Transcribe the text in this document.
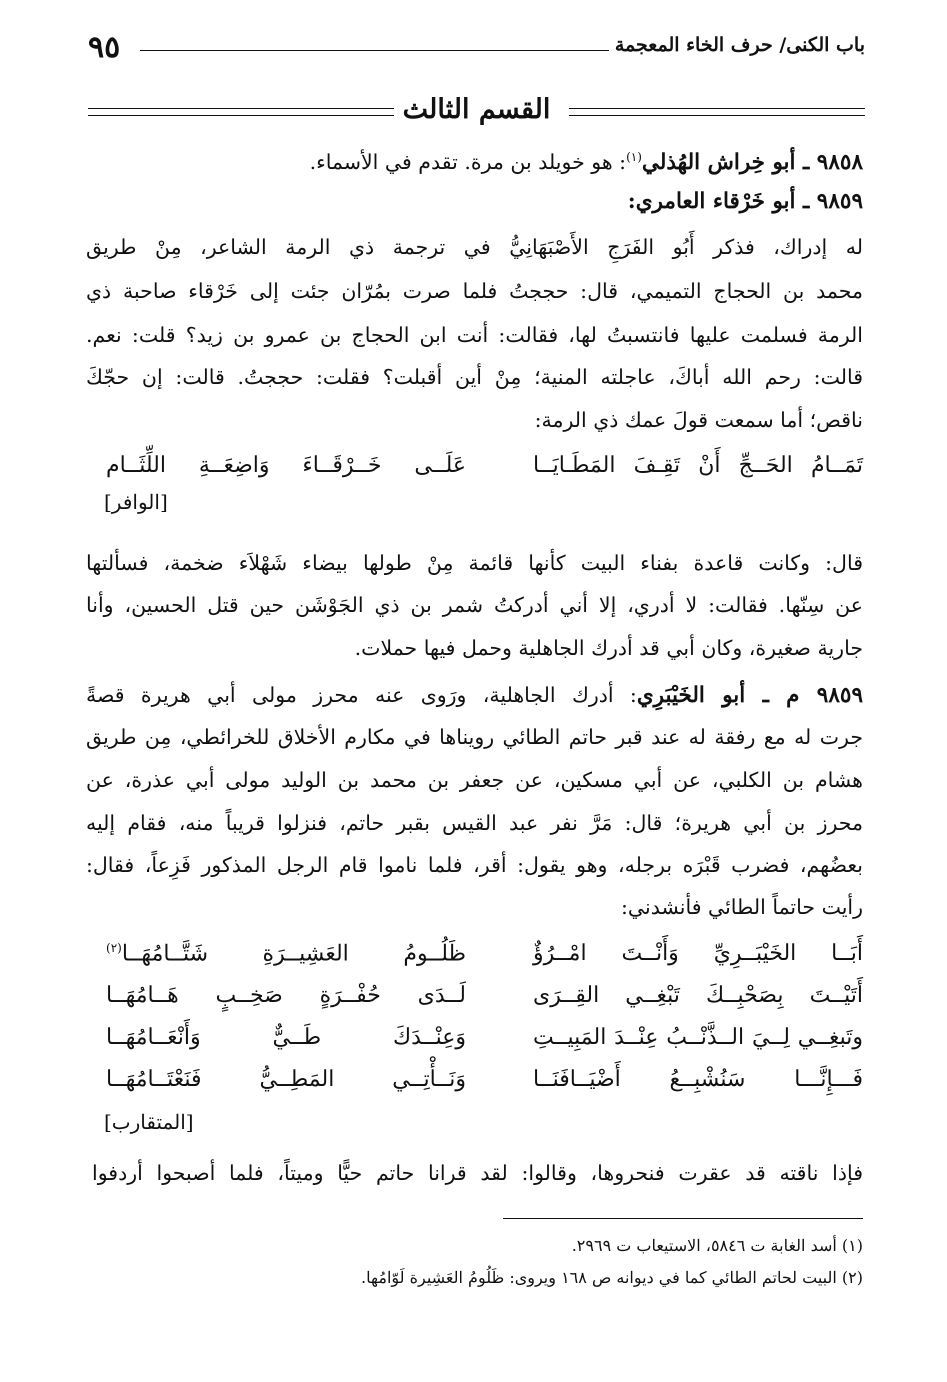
٩٥	باب الكنى/ حرف الخاء المعجمة
القسم الثالث
٩٨٥٨ ـ أبو خِراش الهُذلي$^{(١)}$: هو خويلد بن مرة. تقدم في الأسماء.
٩٨٥٩ ـ أبو خَرْقاء العامري:
له إدراك، فذكر أَبُو الفَرَجِ الأَصْبَهَانِيُّ في ترجمة ذي الرمة الشاعر، مِنْ طريق
محمد بن الحجاج التميمي، قال: حججتُ فلما صرت بمُرّان جئت إلى خَرْقاء صاحبة ذي
الرمة فسلمت عليها فانتسبتُ لها، فقالت: أنت ابن الحجاج بن عمرو بن زيد؟ قلت: نعم.
قالت: رحم الله أباكَ، عاجلته المنية؛ مِنْ أين أقبلت؟ فقلت: حججتُ. قالت: إن حجّكَ
ناقص؛ أما سمعت قولَ عمك ذي الرمة:
تَمَــامُ الحَــجِّ أَنْ تَقِـفَ المَطَـايَــا
عَلَــى خَــرْقَــاءَ وَاضِعَــةِ اللِّثَــام
[الوافر]
قال: وكانت قاعدة بفناء البيت كأنها قائمة مِنْ طولها بيضاء شَهْلاَء ضخمة، فسألتها
عن سِنّها. فقالت: لا أدري، إلا أني أدركتُ شمر بن ذي الجَوْشَن حين قتل الحسين، وأنا
جارية صغيرة، وكان أبي قد أدرك الجاهلية وحمل فيها حملات.
٩٨٥٩ م ـ أبو الخَيْبَرِي: أدرك الجاهلية، ورَوى عنه محرز مولى أبي هريرة قصةً
جرت له مع رفقة له عند قبر حاتم الطائي رويناها في مكارم الأخلاق للخرائطي، مِن طريق
هشام بن الكلبي، عن أبي مسكين، عن جعفر بن محمد بن الوليد مولى أبي عذرة، عن
محرز بن أبي هريرة؛ قال: مَرَّ نفر عبد القيس بقبر حاتم، فنزلوا قريباً منه، فقام إليه
بعضُهم، فضرب قَبْرَه برجله، وهو يقول: أقر، فلما ناموا قام الرجل المذكور فَزِعاً، فقال:
رأيت حاتماً الطائي فأنشدني:
أَبَــا الخَيْبَــرِيِّ وَأَنْــتَ امْــرُؤٌ
ظَلُــومُ العَشِيــرَةِ شَتَّــامُهَــا$^{(٢)}$
أَتَيْــتَ بِصَحْبِــكَ تَبْغِــي القِــرَى
لَــدَى حُفْــرَةٍ صَخِــبٍ هَــامُهَــا
وتَبغِــي لِــيَ الــذَّنْــبُ عِنْــدَ المَبِيــتِ
وَعِنْــدَكَ طَــيٌّ وَأَنْعَــامُهَــا
فَـــإِنَّـــا سَنُشْبِــعُ أَضْيَــافَنَــا
وَنَــأْتِــي المَطِــيُّ فَنَعْتَــامُهَــا
[المتقارب]
فإذا ناقته قد عقرت فنحروها، وقالوا: لقد قرانا حاتم حيًّا وميتاً، فلما أصبحوا أردفوا
(١) أسد الغابة ت ٥٨٤٦، الاستيعاب ت ٢٩٦٩.
(٢) البيت لحاتم الطائي كما في ديوانه ص ١٦٨ ويروى: ظَلُومُ العَشِيرة لَوّامُها.
